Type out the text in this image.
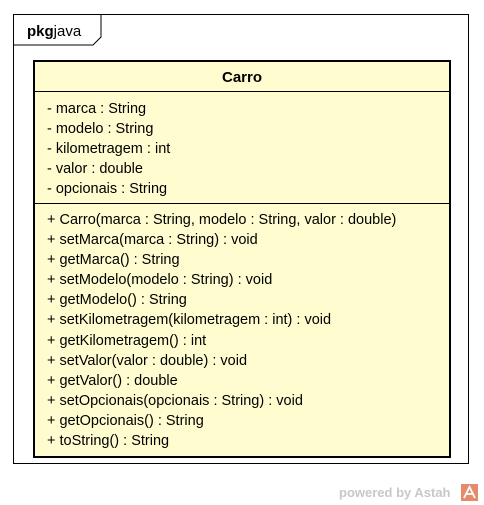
pkgjava
Carro
- marca : String
- modelo : String
- kilometragem : int
- valor : double
- opcionais : String
+ Carro(marca : String, modelo : String, valor : double)
+ setMarca(marca : String) : void
+ getMarca() : String
+ setModelo(modelo : String) : void
+ getModelo() : String
+ setKilometragem(kilometragem : int) : void
+ getKilometragem() : int
+ setValor(valor : double) : void
+ getValor() : double
+ setOpcionais(opcionais : String) : void
+ getOpcionais() : String
+ toString() : String
powered by Astah
